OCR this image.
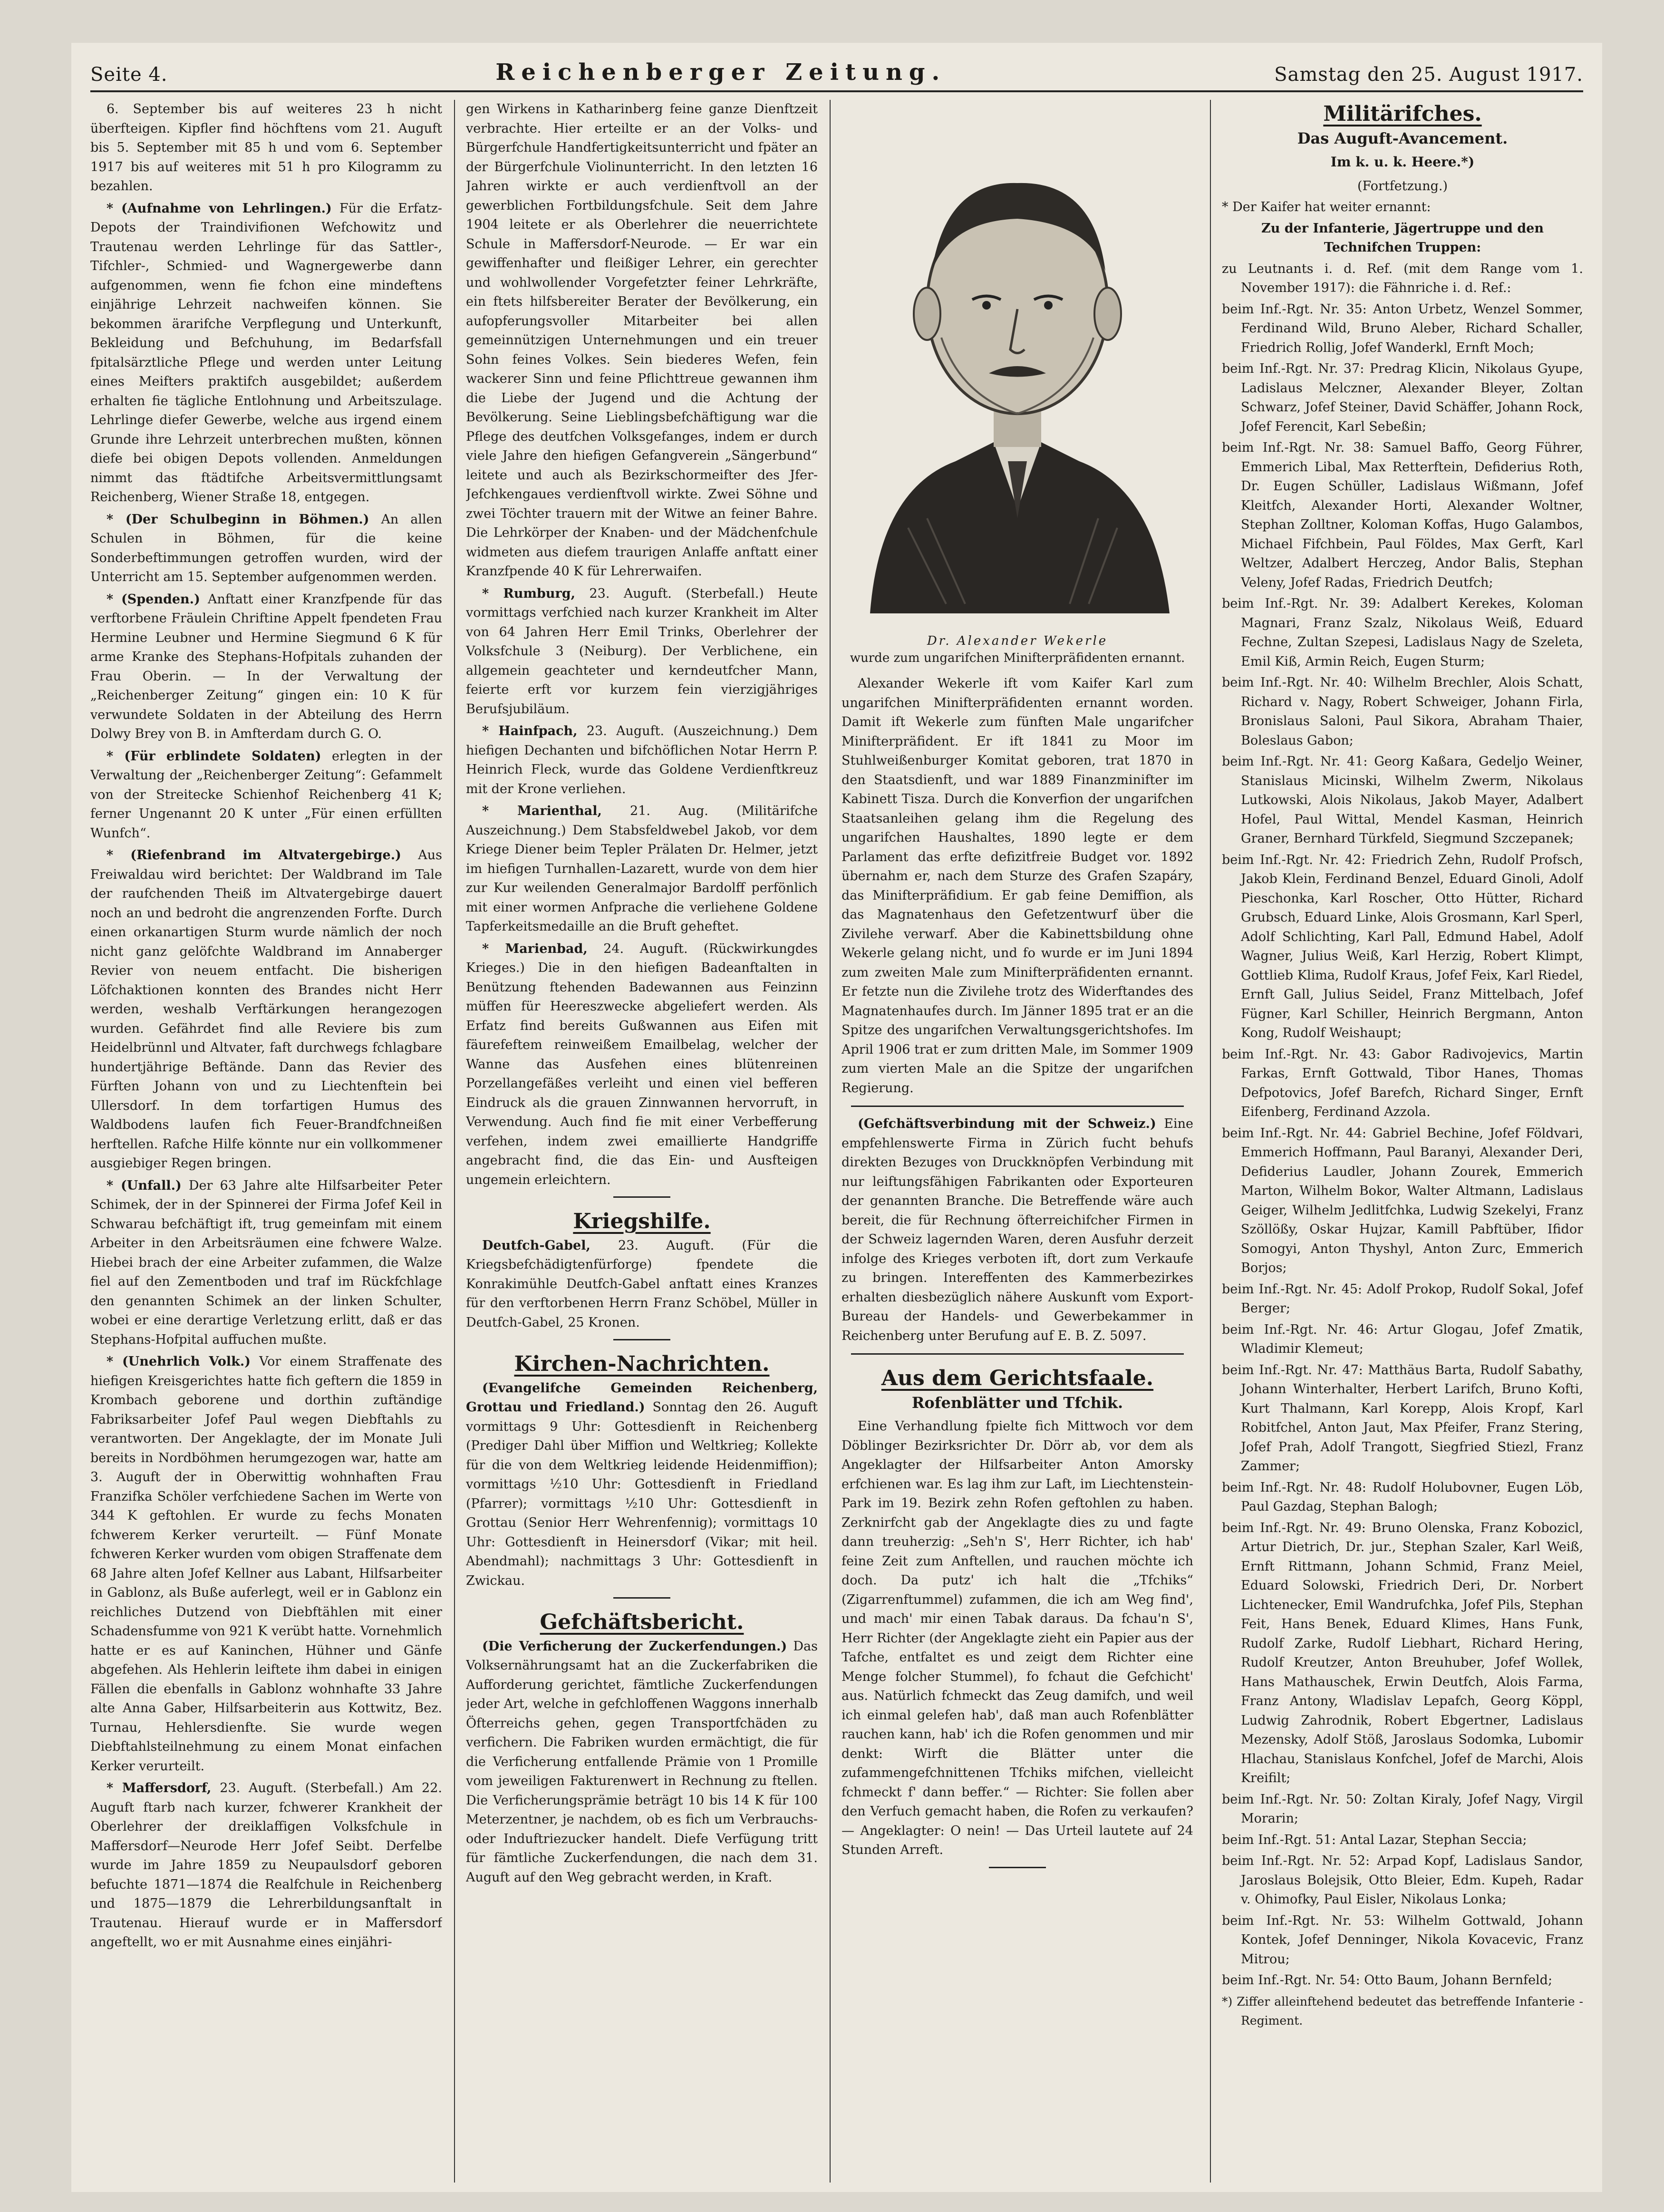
Seite 4.	Reichenberger Zeitung.	Samstag den 25. August 1917.

6. September bis auf weiteres 23 h nicht überfteigen. Kipfler find höchftens vom 21. Auguft bis 5. September mit 85 h und vom 6. September 1917 bis auf weiteres mit 51 h pro Kilogramm zu bezahlen.

* (Aufnahme von Lehrlingen.) Für die Erfatz-Depots der Traindivifionen Wefchowitz und Trautenau werden Lehrlinge für das Sattler-, Tifchler-, Schmied- und Wagnergewerbe dann aufgenommen, wenn fie fchon eine mindeftens einjährige Lehrzeit nachweifen können. Sie bekommen ärarifche Verpflegung und Unterkunft, Bekleidung und Befchuhung, im Bedarfsfall fpitalsärztliche Pflege und werden unter Leitung eines Meifters praktifch ausgebildet; außerdem erhalten fie tägliche Entlohnung und Arbeitszulage. Lehrlinge diefer Gewerbe, welche aus irgend einem Grunde ihre Lehrzeit unterbrechen mußten, können diefe bei obigen Depots vollenden. Anmeldungen nimmt das ftädtifche Arbeitsvermittlungsamt Reichenberg, Wiener Straße 18, entgegen.

* (Der Schulbeginn in Böhmen.) An allen Schulen in Böhmen, für die keine Sonderbeftimmungen getroffen wurden, wird der Unterricht am 15. September aufgenommen werden.

* (Spenden.) Anftatt einer Kranzfpende für das verftorbene Fräulein Chriftine Appelt fpendeten Frau Hermine Leubner und Hermine Siegmund 6 K für arme Kranke des Stephans-Hofpitals zuhanden der Frau Oberin. — In der Verwaltung der „Reichenberger Zeitung“ gingen ein: 10 K für verwundete Soldaten in der Abteilung des Herrn Dolwy Brey von B. in Amfterdam durch G. O.

* (Für erblindete Soldaten) erlegten in der Verwaltung der „Reichenberger Zeitung“: Gefammelt von der Streitecke Schienhof Reichenberg 41 K; ferner Ungenannt 20 K unter „Für einen erfüllten Wunfch“.

* (Riefenbrand im Altvatergebirge.) Aus Freiwaldau wird berichtet: Der Waldbrand im Tale der raufchenden Theiß im Altvatergebirge dauert noch an und bedroht die angrenzenden Forfte. Durch einen orkanartigen Sturm wurde nämlich der noch nicht ganz gelöfchte Waldbrand im Annaberger Revier von neuem entfacht. Die bisherigen Löfchaktionen konnten des Brandes nicht Herr werden, weshalb Verftärkungen herangezogen wurden. Gefährdet find alle Reviere bis zum Heidelbrünnl und Altvater, faft durchwegs fchlagbare hundertjährige Beftände. Dann das Revier des Fürften Johann von und zu Liechtenftein bei Ullersdorf. In dem torfartigen Humus des Waldbodens laufen fich Feuer-Brandfchneißen herftellen. Rafche Hilfe könnte nur ein vollkommener ausgiebiger Regen bringen.

* (Unfall.) Der 63 Jahre alte Hilfsarbeiter Peter Schimek, der in der Spinnerei der Firma Jofef Keil in Schwarau befchäftigt ift, trug gemeinfam mit einem Arbeiter in den Arbeitsräumen eine fchwere Walze. Hiebei brach der eine Arbeiter zufammen, die Walze fiel auf den Zementboden und traf im Rückfchlage den genannten Schimek an der linken Schulter, wobei er eine derartige Verletzung erlitt, daß er das Stephans-Hofpital auffuchen mußte.

* (Unehrlich Volk.) Vor einem Straffenate des hiefigen Kreisgerichtes hatte fich geftern die 1859 in Krombach geborene und dorthin zuftändige Fabriksarbeiter Jofef Paul wegen Diebftahls zu verantworten. Der Angeklagte, der im Monate Juli bereits in Nordböhmen herumgezogen war, hatte am 3. Auguft der in Oberwittig wohnhaften Frau Franzifka Schöler verfchiedene Sachen im Werte von 344 K geftohlen. Er wurde zu fechs Monaten fchwerem Kerker verurteilt. — Fünf Monate fchweren Kerker wurden vom obigen Straffenate dem 68 Jahre alten Jofef Kellner aus Labant, Hilfsarbeiter in Gablonz, als Buße auferlegt, weil er in Gablonz ein reichliches Dutzend von Diebftählen mit einer Schadensfumme von 921 K verübt hatte. Vornehmlich hatte er es auf Kaninchen, Hühner und Gänfe abgefehen. Als Hehlerin leiftete ihm dabei in einigen Fällen die ebenfalls in Gablonz wohnhafte 33 Jahre alte Anna Gaber, Hilfsarbeiterin aus Kottwitz, Bez. Turnau, Hehlersdienfte. Sie wurde wegen Diebftahlsteilnehmung zu einem Monat einfachen Kerker verurteilt.

* Maffersdorf, 23. Auguft. (Sterbefall.) Am 22. Auguft ftarb nach kurzer, fchwerer Krankheit der Oberlehrer der dreiklaffigen Volksfchule in Maffersdorf—Neurode Herr Jofef Seibt. Derfelbe wurde im Jahre 1859 zu Neupaulsdorf geboren befuchte 1871—1874 die Realfchule in Reichenberg und 1875—1879 die Lehrerbildungsanftalt in Trautenau. Hierauf wurde er in Maffersdorf angeftellt, wo er mit Ausnahme eines einjähri-

gen Wirkens in Katharinberg feine ganze Dienftzeit verbrachte. Hier erteilte er an der Volks- und Bürgerfchule Handfertigkeitsunterricht und fpäter an der Bürgerfchule Violinunterricht. In den letzten 16 Jahren wirkte er auch verdienftvoll an der gewerblichen Fortbildungsfchule. Seit dem Jahre 1904 leitete er als Oberlehrer die neuerrichtete Schule in Maffersdorf-Neurode. — Er war ein gewiffenhafter und fleißiger Lehrer, ein gerechter und wohlwollender Vorgefetzter feiner Lehrkräfte, ein ftets hilfsbereiter Berater der Bevölkerung, ein aufopferungsvoller Mitarbeiter bei allen gemeinnützigen Unternehmungen und ein treuer Sohn feines Volkes. Sein biederes Wefen, fein wackerer Sinn und feine Pflichttreue gewannen ihm die Liebe der Jugend und die Achtung der Bevölkerung. Seine Lieblingsbefchäftigung war die Pflege des deutfchen Volksgefanges, indem er durch viele Jahre den hiefigen Gefangverein „Sängerbund“ leitete und auch als Bezirkschormeifter des Jfer-Jefchkengaues verdienftvoll wirkte. Zwei Söhne und zwei Töchter trauern mit der Witwe an feiner Bahre. Die Lehrkörper der Knaben- und der Mädchenfchule widmeten aus diefem traurigen Anlaffe anftatt einer Kranzfpende 40 K für Lehrerwaifen.

* Rumburg, 23. Auguft. (Sterbefall.) Heute vormittags verfchied nach kurzer Krankheit im Alter von 64 Jahren Herr Emil Trinks, Oberlehrer der Volksfchule 3 (Neiburg). Der Verblichene, ein allgemein geachteter und kerndeutfcher Mann, feierte erft vor kurzem fein vierzigjähriges Berufsjubiläum.

* Hainfpach, 23. Auguft. (Auszeichnung.) Dem hiefigen Dechanten und bifchöflichen Notar Herrn P. Heinrich Fleck, wurde das Goldene Verdienftkreuz mit der Krone verliehen.

* Marienthal, 21. Aug. (Militärifche Auszeichnung.) Dem Stabsfeldwebel Jakob, vor dem Kriege Diener beim Tepler Prälaten Dr. Helmer, jetzt im hiefigen Turnhallen-Lazarett, wurde von dem hier zur Kur weilenden Generalmajor Bardolff perfönlich mit einer wormen Anfprache die verliehene Goldene Tapferkeitsmedaille an die Bruft geheftet.

* Marienbad, 24. Auguft. (Rückwirkungdes Krieges.) Die in den hiefigen Badeanftalten in Benützung ftehenden Badewannen aus Feinzinn müffen für Heereszwecke abgeliefert werden. Als Erfatz find bereits Gußwannen aus Eifen mit fäurefeftem reinweißem Emailbelag, welcher der Wanne das Ausfehen eines blütenreinen Porzellangefäßes verleiht und einen viel befferen Eindruck als die grauen Zinnwannen hervorruft, in Verwendung. Auch find fie mit einer Verbefferung verfehen, indem zwei emaillierte Handgriffe angebracht find, die das Ein- und Ausfteigen ungemein erleichtern.

Kriegshilfe.

Deutfch-Gabel, 23. Auguft. (Für die Kriegsbefchädigtenfürforge) fpendete die Konrakimühle Deutfch-Gabel anftatt eines Kranzes für den verftorbenen Herrn Franz Schöbel, Müller in Deutfch-Gabel, 25 Kronen.

Kirchen-Nachrichten.

(Evangelifche Gemeinden Reichenberg, Grottau und Friedland.) Sonntag den 26. Auguft vormittags 9 Uhr: Gottesdienft in Reichenberg (Prediger Dahl über Miffion und Weltkrieg; Kollekte für die von dem Weltkrieg leidende Heidenmiffion); vormittags ½10 Uhr: Gottesdienft in Friedland (Pfarrer); vormittags ½10 Uhr: Gottesdienft in Grottau (Senior Herr Wehrenfennig); vormittags 10 Uhr: Gottesdienft in Heinersdorf (Vikar; mit heil. Abendmahl); nachmittags 3 Uhr: Gottesdienft in Zwickau.

Gefchäftsbericht.

(Die Verficherung der Zuckerfendungen.) Das Volksernährungsamt hat an die Zuckerfabriken die Aufforderung gerichtet, fämtliche Zuckerfendungen jeder Art, welche in gefchloffenen Waggons innerhalb Öfterreichs gehen, gegen Transportfchäden zu verfichern. Die Fabriken wurden ermächtigt, die für die Verficherung entfallende Prämie von 1 Promille vom jeweiligen Fakturenwert in Rechnung zu ftellen. Die Verficherungsprämie beträgt 10 bis 14 K für 100 Meterzentner, je nachdem, ob es fich um Verbrauchs- oder Induftriezucker handelt. Diefe Verfügung tritt für fämtliche Zuckerfendungen, die nach dem 31. Auguft auf den Weg gebracht werden, in Kraft.

Dr. Alexander Wekerle
wurde zum ungarifchen Minifterpräfidenten ernannt.

Alexander Wekerle ift vom Kaifer Karl zum ungarifchen Minifterpräfidenten ernannt worden. Damit ift Wekerle zum fünften Male ungarifcher Minifterpräfident. Er ift 1841 zu Moor im Stuhlweißenburger Komitat geboren, trat 1870 in den Staatsdienft, und war 1889 Finanzminifter im Kabinett Tisza. Durch die Konverfion der ungarifchen Staatsanleihen gelang ihm die Regelung des ungarifchen Haushaltes, 1890 legte er dem Parlament das erfte defizitfreie Budget vor. 1892 übernahm er, nach dem Sturze des Grafen Szapáry, das Minifterpräfidium. Er gab feine Demiffion, als das Magnatenhaus den Gefetzentwurf über die Zivilehe verwarf. Aber die Kabinettsbildung ohne Wekerle gelang nicht, und fo wurde er im Juni 1894 zum zweiten Male zum Minifterpräfidenten ernannt. Er fetzte nun die Zivilehe trotz des Widerftandes des Magnatenhaufes durch. Im Jänner 1895 trat er an die Spitze des ungarifchen Verwaltungsgerichtshofes. Im April 1906 trat er zum dritten Male, im Sommer 1909 zum vierten Male an die Spitze der ungarifchen Regierung.

(Gefchäftsverbindung mit der Schweiz.) Eine empfehlenswerte Firma in Zürich fucht behufs direkten Bezuges von Druckknöpfen Verbindung mit nur leiftungsfähigen Fabrikanten oder Exporteuren der genannten Branche. Die Betreffende wäre auch bereit, die für Rechnung öfterreichifcher Firmen in der Schweiz lagernden Waren, deren Ausfuhr derzeit infolge des Krieges verboten ift, dort zum Verkaufe zu bringen. Intereffenten des Kammerbezirkes erhalten diesbezüglich nähere Auskunft vom Export-Bureau der Handels- und Gewerbekammer in Reichenberg unter Berufung auf E. B. Z. 5097.

Aus dem Gerichtsfaale.
Rofenblätter und Tfchik.

Eine Verhandlung fpielte fich Mittwoch vor dem Döblinger Bezirksrichter Dr. Dörr ab, vor dem als Angeklagter der Hilfsarbeiter Anton Amorsky erfchienen war. Es lag ihm zur Laft, im Liechtenstein-Park im 19. Bezirk zehn Rofen geftohlen zu haben. Zerknirfcht gab der Angeklagte dies zu und fagte dann treuherzig: „Seh'n S', Herr Richter, ich hab' feine Zeit zum Anftellen, und rauchen möchte ich doch. Da putz' ich halt die „Tfchiks“ (Zigarrenftummel) zufammen, die ich am Weg find', und mach' mir einen Tabak daraus. Da fchau'n S', Herr Richter (der Angeklagte zieht ein Papier aus der Tafche, entfaltet es und zeigt dem Richter eine Menge folcher Stummel), fo fchaut die Gefchicht' aus. Natürlich fchmeckt das Zeug damifch, und weil ich einmal gelefen hab', daß man auch Rofenblätter rauchen kann, hab' ich die Rofen genommen und mir denkt: Wirft die Blätter unter die zufammengefchnittenen Tfchiks mifchen, vielleicht fchmeckt f' dann beffer.“ — Richter: Sie follen aber den Verfuch gemacht haben, die Rofen zu verkaufen? — Angeklagter: O nein! — Das Urteil lautete auf 24 Stunden Arreft.

Militärifches.
Das Auguft-Avancement.
Im k. u. k. Heere.*)

(Fortfetzung.)

* Der Kaifer hat weiter ernannt:

Zu der Infanterie, Jägertruppe und den Technifchen Truppen:

zu Leutnants i. d. Ref. (mit dem Range vom 1. November 1917): die Fähnriche i. d. Ref.:

beim Inf.-Rgt. Nr. 35: Anton Urbetz, Wenzel Sommer, Ferdinand Wild, Bruno Aleber, Richard Schaller, Friedrich Rollig, Jofef Wanderkl, Ernft Moch;

beim Inf.-Rgt. Nr. 37: Predrag Klicin, Nikolaus Gyupe, Ladislaus Melczner, Alexander Bleyer, Zoltan Schwarz, Jofef Steiner, David Schäffer, Johann Rock, Jofef Ferencit, Karl Sebeßin;

beim Inf.-Rgt. Nr. 38: Samuel Baffo, Georg Führer, Emmerich Libal, Max Retterftein, Defiderius Roth, Dr. Eugen Schüller, Ladislaus Wißmann, Jofef Kleitfch, Alexander Horti, Alexander Woltner, Stephan Zolltner, Koloman Koffas, Hugo Galambos, Michael Fifchbein, Paul Földes, Max Gerft, Karl Weltzer, Adalbert Herczeg, Andor Balis, Stephan Veleny, Jofef Radas, Friedrich Deutfch;

beim Inf.-Rgt. Nr. 39: Adalbert Kerekes, Koloman Magnari, Franz Szalz, Nikolaus Weiß, Eduard Fechne, Zultan Szepesi, Ladislaus Nagy de Szeleta, Emil Kiß, Armin Reich, Eugen Sturm;

beim Inf.-Rgt. Nr. 40: Wilhelm Brechler, Alois Schatt, Richard v. Nagy, Robert Schweiger, Johann Firla, Bronislaus Saloni, Paul Sikora, Abraham Thaier, Boleslaus Gabon;

beim Inf.-Rgt. Nr. 41: Georg Kaßara, Gedeljo Weiner, Stanislaus Micinski, Wilhelm Zwerm, Nikolaus Lutkowski, Alois Nikolaus, Jakob Mayer, Adalbert Hofel, Paul Wittal, Mendel Kasman, Heinrich Graner, Bernhard Türkfeld, Siegmund Szczepanek;

beim Inf.-Rgt. Nr. 42: Friedrich Zehn, Rudolf Profsch, Jakob Klein, Ferdinand Benzel, Eduard Ginoli, Adolf Pieschonka, Karl Roscher, Otto Hütter, Richard Grubsch, Eduard Linke, Alois Grosmann, Karl Sperl, Adolf Schlichting, Karl Pall, Edmund Habel, Adolf Wagner, Julius Weiß, Karl Herzig, Robert Klimpt, Gottlieb Klima, Rudolf Kraus, Jofef Feix, Karl Riedel, Ernft Gall, Julius Seidel, Franz Mittelbach, Jofef Fügner, Karl Schiller, Heinrich Bergmann, Anton Kong, Rudolf Weishaupt;

beim Inf.-Rgt. Nr. 43: Gabor Radivojevics, Martin Farkas, Ernft Gottwald, Tibor Hanes, Thomas Defpotovics, Jofef Barefch, Richard Singer, Ernft Eifenberg, Ferdinand Azzola.

beim Inf.-Rgt. Nr. 44: Gabriel Bechine, Jofef Földvari, Emmerich Hoffmann, Paul Baranyi, Alexander Deri, Defiderius Laudler, Johann Zourek, Emmerich Marton, Wilhelm Bokor, Walter Altmann, Ladislaus Geiger, Wilhelm Jedlitfchka, Ludwig Szekelyi, Franz Szöllößy, Oskar Hujzar, Kamill Pabftüber, Ifidor Somogyi, Anton Thyshyl, Anton Zurc, Emmerich Borjos;

beim Inf.-Rgt. Nr. 45: Adolf Prokop, Rudolf Sokal, Jofef Berger;

beim Inf.-Rgt. Nr. 46: Artur Glogau, Jofef Zmatik, Wladimir Klemeut;

beim Inf.-Rgt. Nr. 47: Matthäus Barta, Rudolf Sabathy, Johann Winterhalter, Herbert Larifch, Bruno Kofti, Kurt Thalmann, Karl Korepp, Alois Kropf, Karl Robitfchel, Anton Jaut, Max Pfeifer, Franz Stering, Jofef Prah, Adolf Trangott, Siegfried Stiezl, Franz Zammer;

beim Inf.-Rgt. Nr. 48: Rudolf Holubovner, Eugen Löb, Paul Gazdag, Stephan Balogh;

beim Inf.-Rgt. Nr. 49: Bruno Olenska, Franz Kobozicl, Artur Dietrich, Dr. jur., Stephan Szaler, Karl Weiß, Ernft Rittmann, Johann Schmid, Franz Meiel, Eduard Solowski, Friedrich Deri, Dr. Norbert Lichtenecker, Emil Wandrufchka, Jofef Pils, Stephan Feit, Hans Benek, Eduard Klimes, Hans Funk, Rudolf Zarke, Rudolf Liebhart, Richard Hering, Rudolf Kreutzer, Anton Breuhuber, Jofef Wollek, Hans Mathauschek, Erwin Deutfch, Alois Farma, Franz Antony, Wladislav Lepafch, Georg Köppl, Ludwig Zahrodnik, Robert Ebgertner, Ladislaus Mezensky, Adolf Stöß, Jaroslaus Sodomka, Lubomir Hlachau, Stanislaus Konfchel, Jofef de Marchi, Alois Kreifilt;

beim Inf.-Rgt. Nr. 50: Zoltan Kiraly, Jofef Nagy, Virgil Morarin;

beim Inf.-Rgt. 51: Antal Lazar, Stephan Seccia;

beim Inf.-Rgt. Nr. 52: Arpad Kopf, Ladislaus Sandor, Jaroslaus Bolejsik, Otto Bleier, Edm. Kupeh, Radar v. Ohimofky, Paul Eisler, Nikolaus Lonka;

beim Inf.-Rgt. Nr. 53: Wilhelm Gottwald, Johann Kontek, Jofef Denninger, Nikola Kovacevic, Franz Mitrou;

beim Inf.-Rgt. Nr. 54: Otto Baum, Johann Bernfeld;

*) Ziffer alleinftehend bedeutet das betreffende Infanterie - Regiment.
